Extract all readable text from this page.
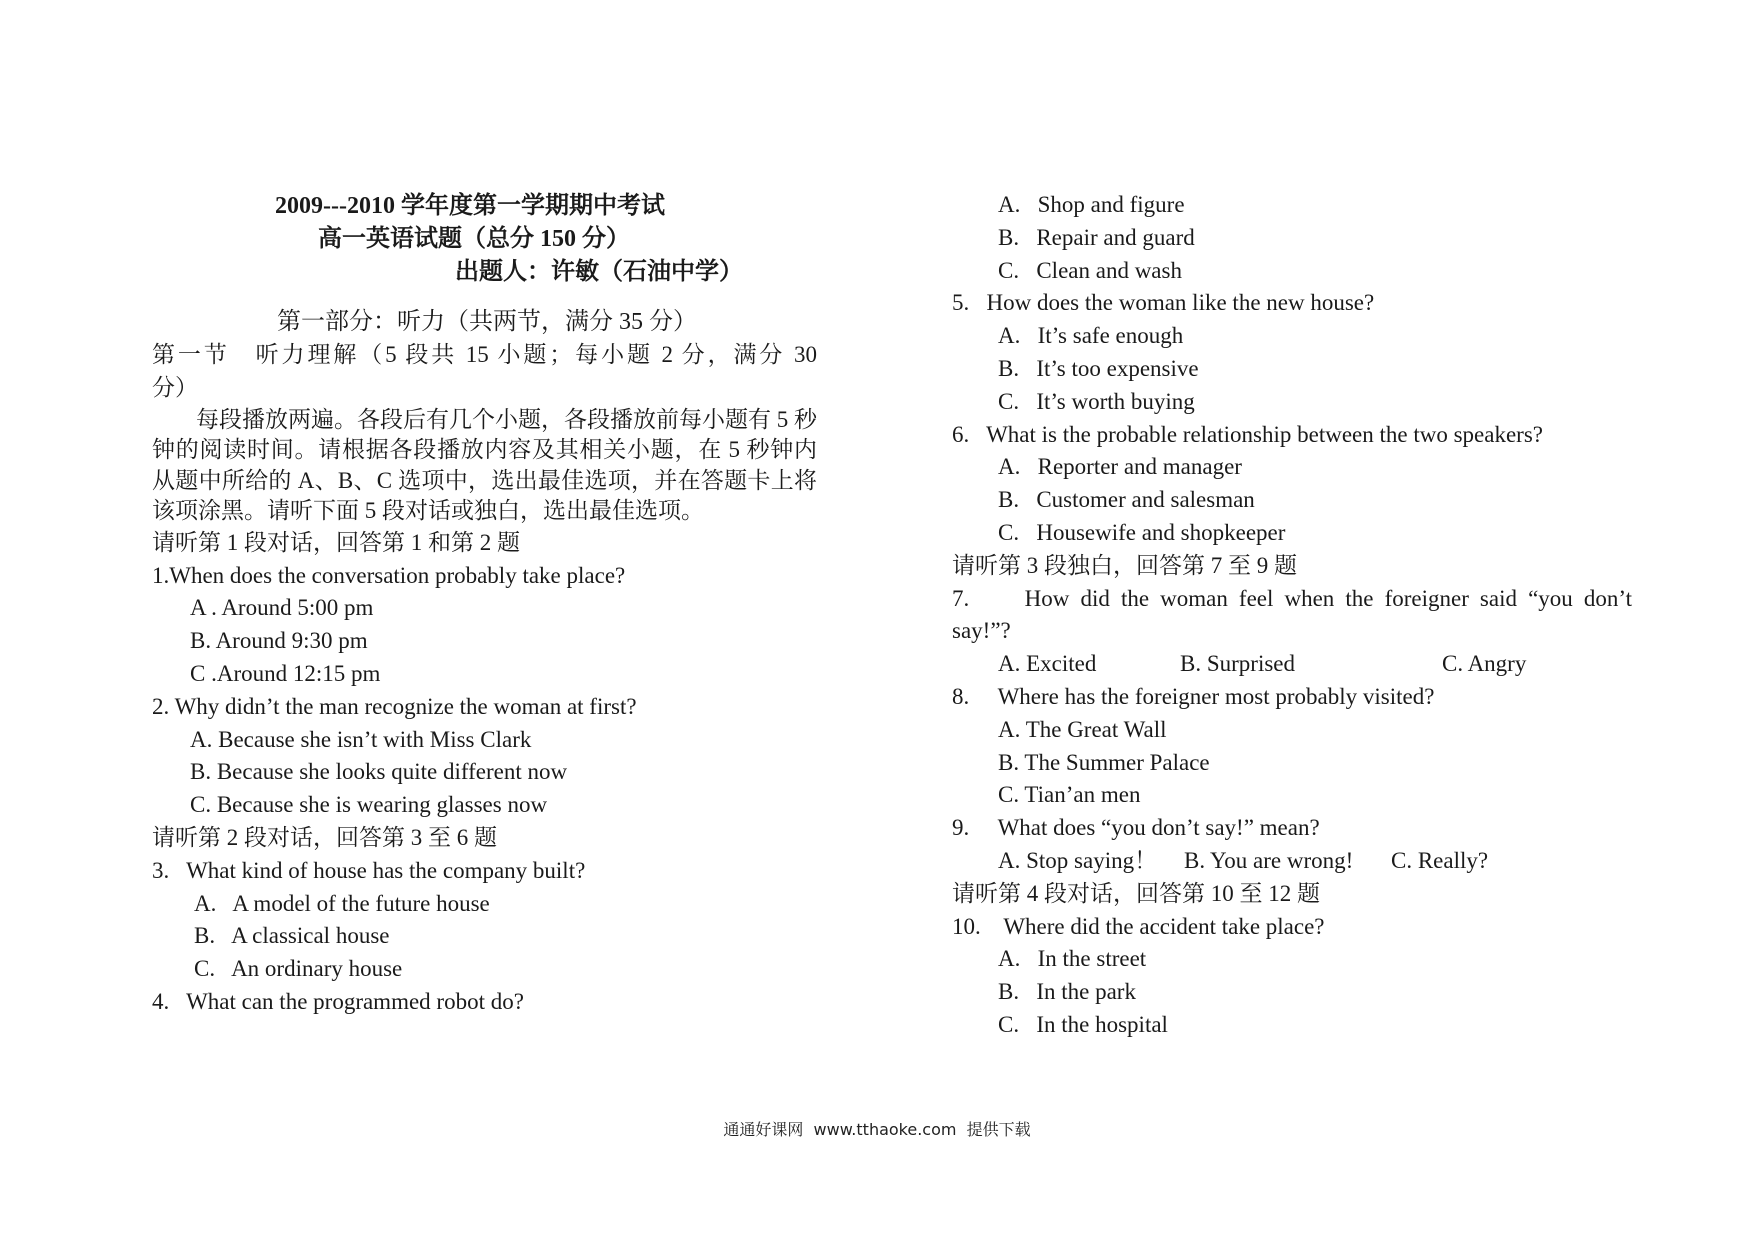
2009---2010 学年度第一学期期中考试
高一英语试题（总分 150 分）
出题人：许敏（石油中学）
第一部分：听力（共两节，满分 35 分）
第一节　听力理解（5 段共 15 小题；每小题 2 分，满分 30
分）
每段播放两遍。各段后有几个小题，各段播放前每小题有 5 秒钟的阅读时间。请根据各段播放内容及其相关小题，在 5 秒钟内从题中所给的 A、B、C 选项中，选出最佳选项，并在答题卡上将该项涂黑。请听下面 5 段对话或独白，选出最佳选项。
请听第 1 段对话，回答第 1 和第 2 题
1.When does the conversation probably take place?
A . Around 5:00 pm
B. Around 9:30 pm
C .Around 12:15 pm
2. Why didn’t the man recognize the woman at first?
A. Because she isn’t with Miss Clark
B. Because she looks quite different now
C. Because she is wearing glasses now
请听第 2 段对话，回答第 3 至 6 题
3.   What kind of house has the company built?
A.   A model of the future house
B.   A classical house
C.   An ordinary house
4.   What can the programmed robot do?
A.   Shop and figure
B.   Repair and guard
C.   Clean and wash
5.   How does the woman like the new house?
A.   It’s safe enough
B.   It’s too expensive
C.   It’s worth buying
6.   What is the probable relationship between the two speakers?
A.   Reporter and manager
B.   Customer and salesman
C.   Housewife and shopkeeper
请听第 3 段独白，回答第 7 至 9 题
7.     How did the woman feel when the foreigner said “you don’t
say!”?
A. Excited	B. Surprised	C. Angry
8.     Where has the foreigner most probably visited?
A. The Great Wall
B. The Summer Palace
C. Tian’an men
9.     What does “you don’t say!” mean?
A. Stop saying！ B. You are wrong! C. Really?
请听第 4 段对话，回答第 10 至 12 题
10.    Where did the accident take place?
A.   In the street
B.   In the park
C.   In the hospital
通通好课网  www.tthaoke.com  提供下载
